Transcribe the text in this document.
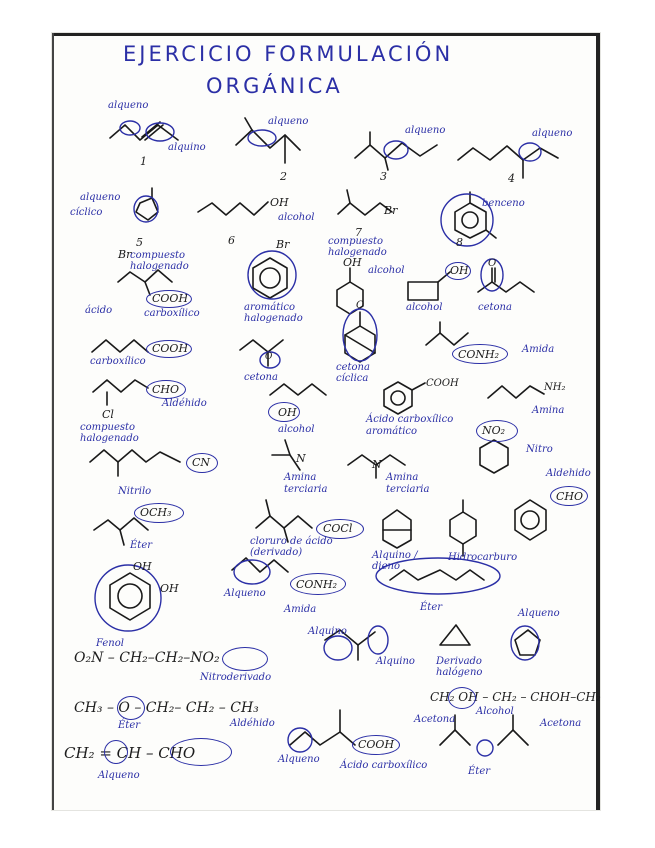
EJERCICIO FORMULACIÓN
ORGÁNICA
1
2	3	4
5	6
7
8
alqueno
alquino
alqueno
alqueno	alqueno
alqueno
cíclico	alcohol
OH
Br
compuesto halogenado
benceno
Br
compuesto halogenado
ácido
COOH
carboxílico
Br
aromático halogenado
OH
alcohol	OH
alcohol
O
cetona
carboxílico
COOH
O
cetona
O
cetona cíclica
CONH₂ Amida
CHO
Aldéhido
Cl
compuesto halogenado
OH
alcohol
COOH
Ácido carboxílico aromático
NH₂
Amina
NO₂
Nitro
CN
Nitrilo
N
Amina terciaria
N
Amina terciaria
Aldehido
CHO
OCH₃
Éter
COCl
cloruro de ácido (derivado)	Alquino / dieno
Hidrocarburo
OH
OH	Alqueno
CONH₂
Amida	Éter
Alqueno
Fenol
Alquino
Alquino Derivado halógeno
O₂N – CH₂–CH₂–NO₂
Nitroderivado
CH₃ – O – CH₂– CH₂ – CH₃
Éter	Aldéhido
CH₂ OH – CH₂ – CHOH–CH₂
Acetona
Alcohol
Acetona
CH₂ = CH – CHO
Alqueno
Alqueno
COOH
Ácido carboxílico
Éter
